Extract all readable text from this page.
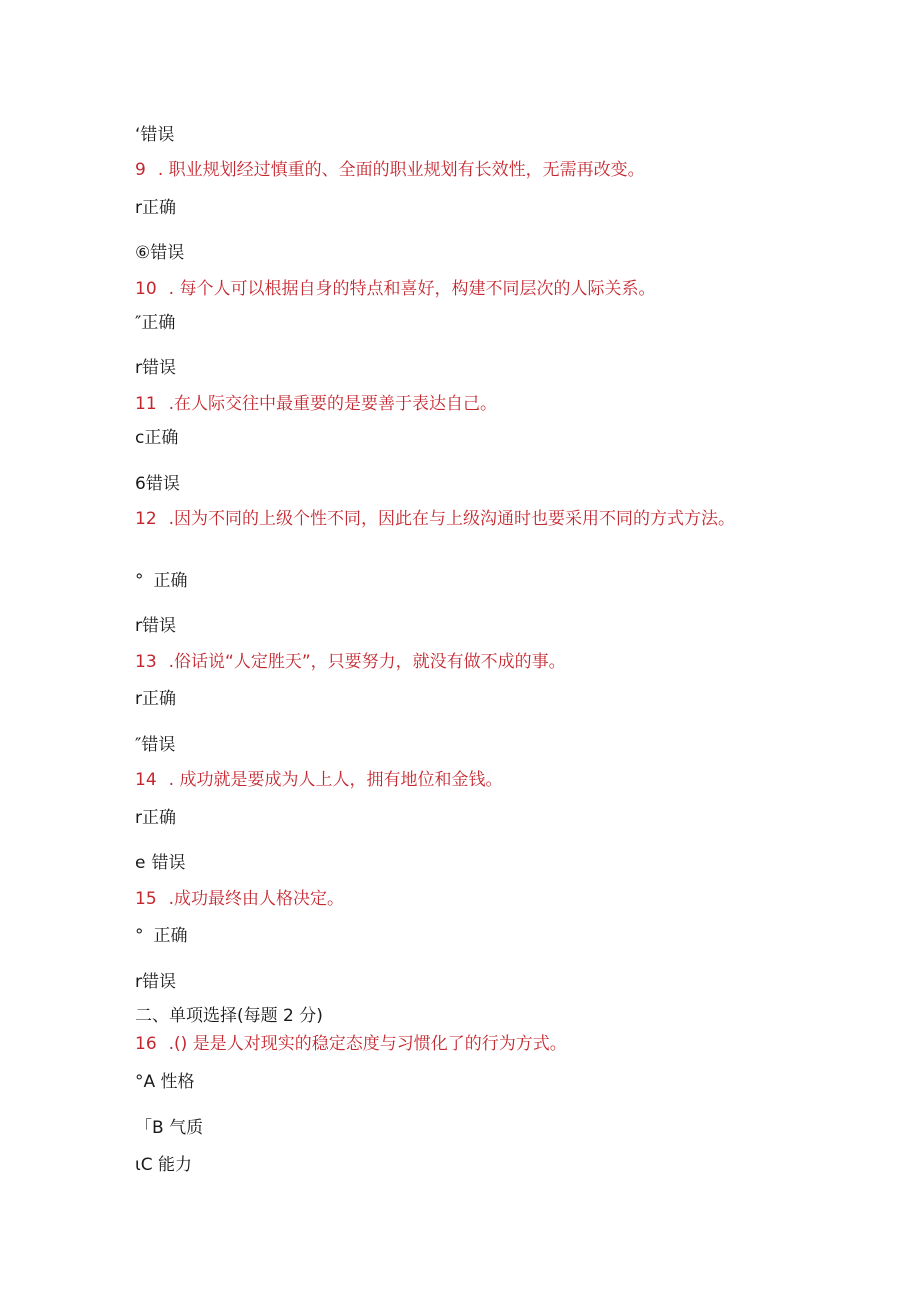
‘错误
9 . 职业规划经过慎重的、全面的职业规划有长效性，无需再改变。
r正确
⑥错误
10 . 每个人可以根据自身的特点和喜好，构建不同层次的人际关系。
″正确
r错误
11 .在人际交往中最重要的是要善于表达自己。
c正确
6错误
12 .因为不同的上级个性不同，因此在与上级沟通时也要采用不同的方式方法。
° 正确
r错误
13 .俗话说“人定胜天”，只要努力，就没有做不成的事。
r正确
″错误
14 . 成功就是要成为人上人，拥有地位和金钱。
r正确
e 错误
15 .成功最终由人格决定。
° 正确
r错误
二、单项选择(每题 2 分)
16 .() 是是人对现实的稳定态度与习惯化了的行为方式。
°A 性格
「B 气质
ιC 能力
